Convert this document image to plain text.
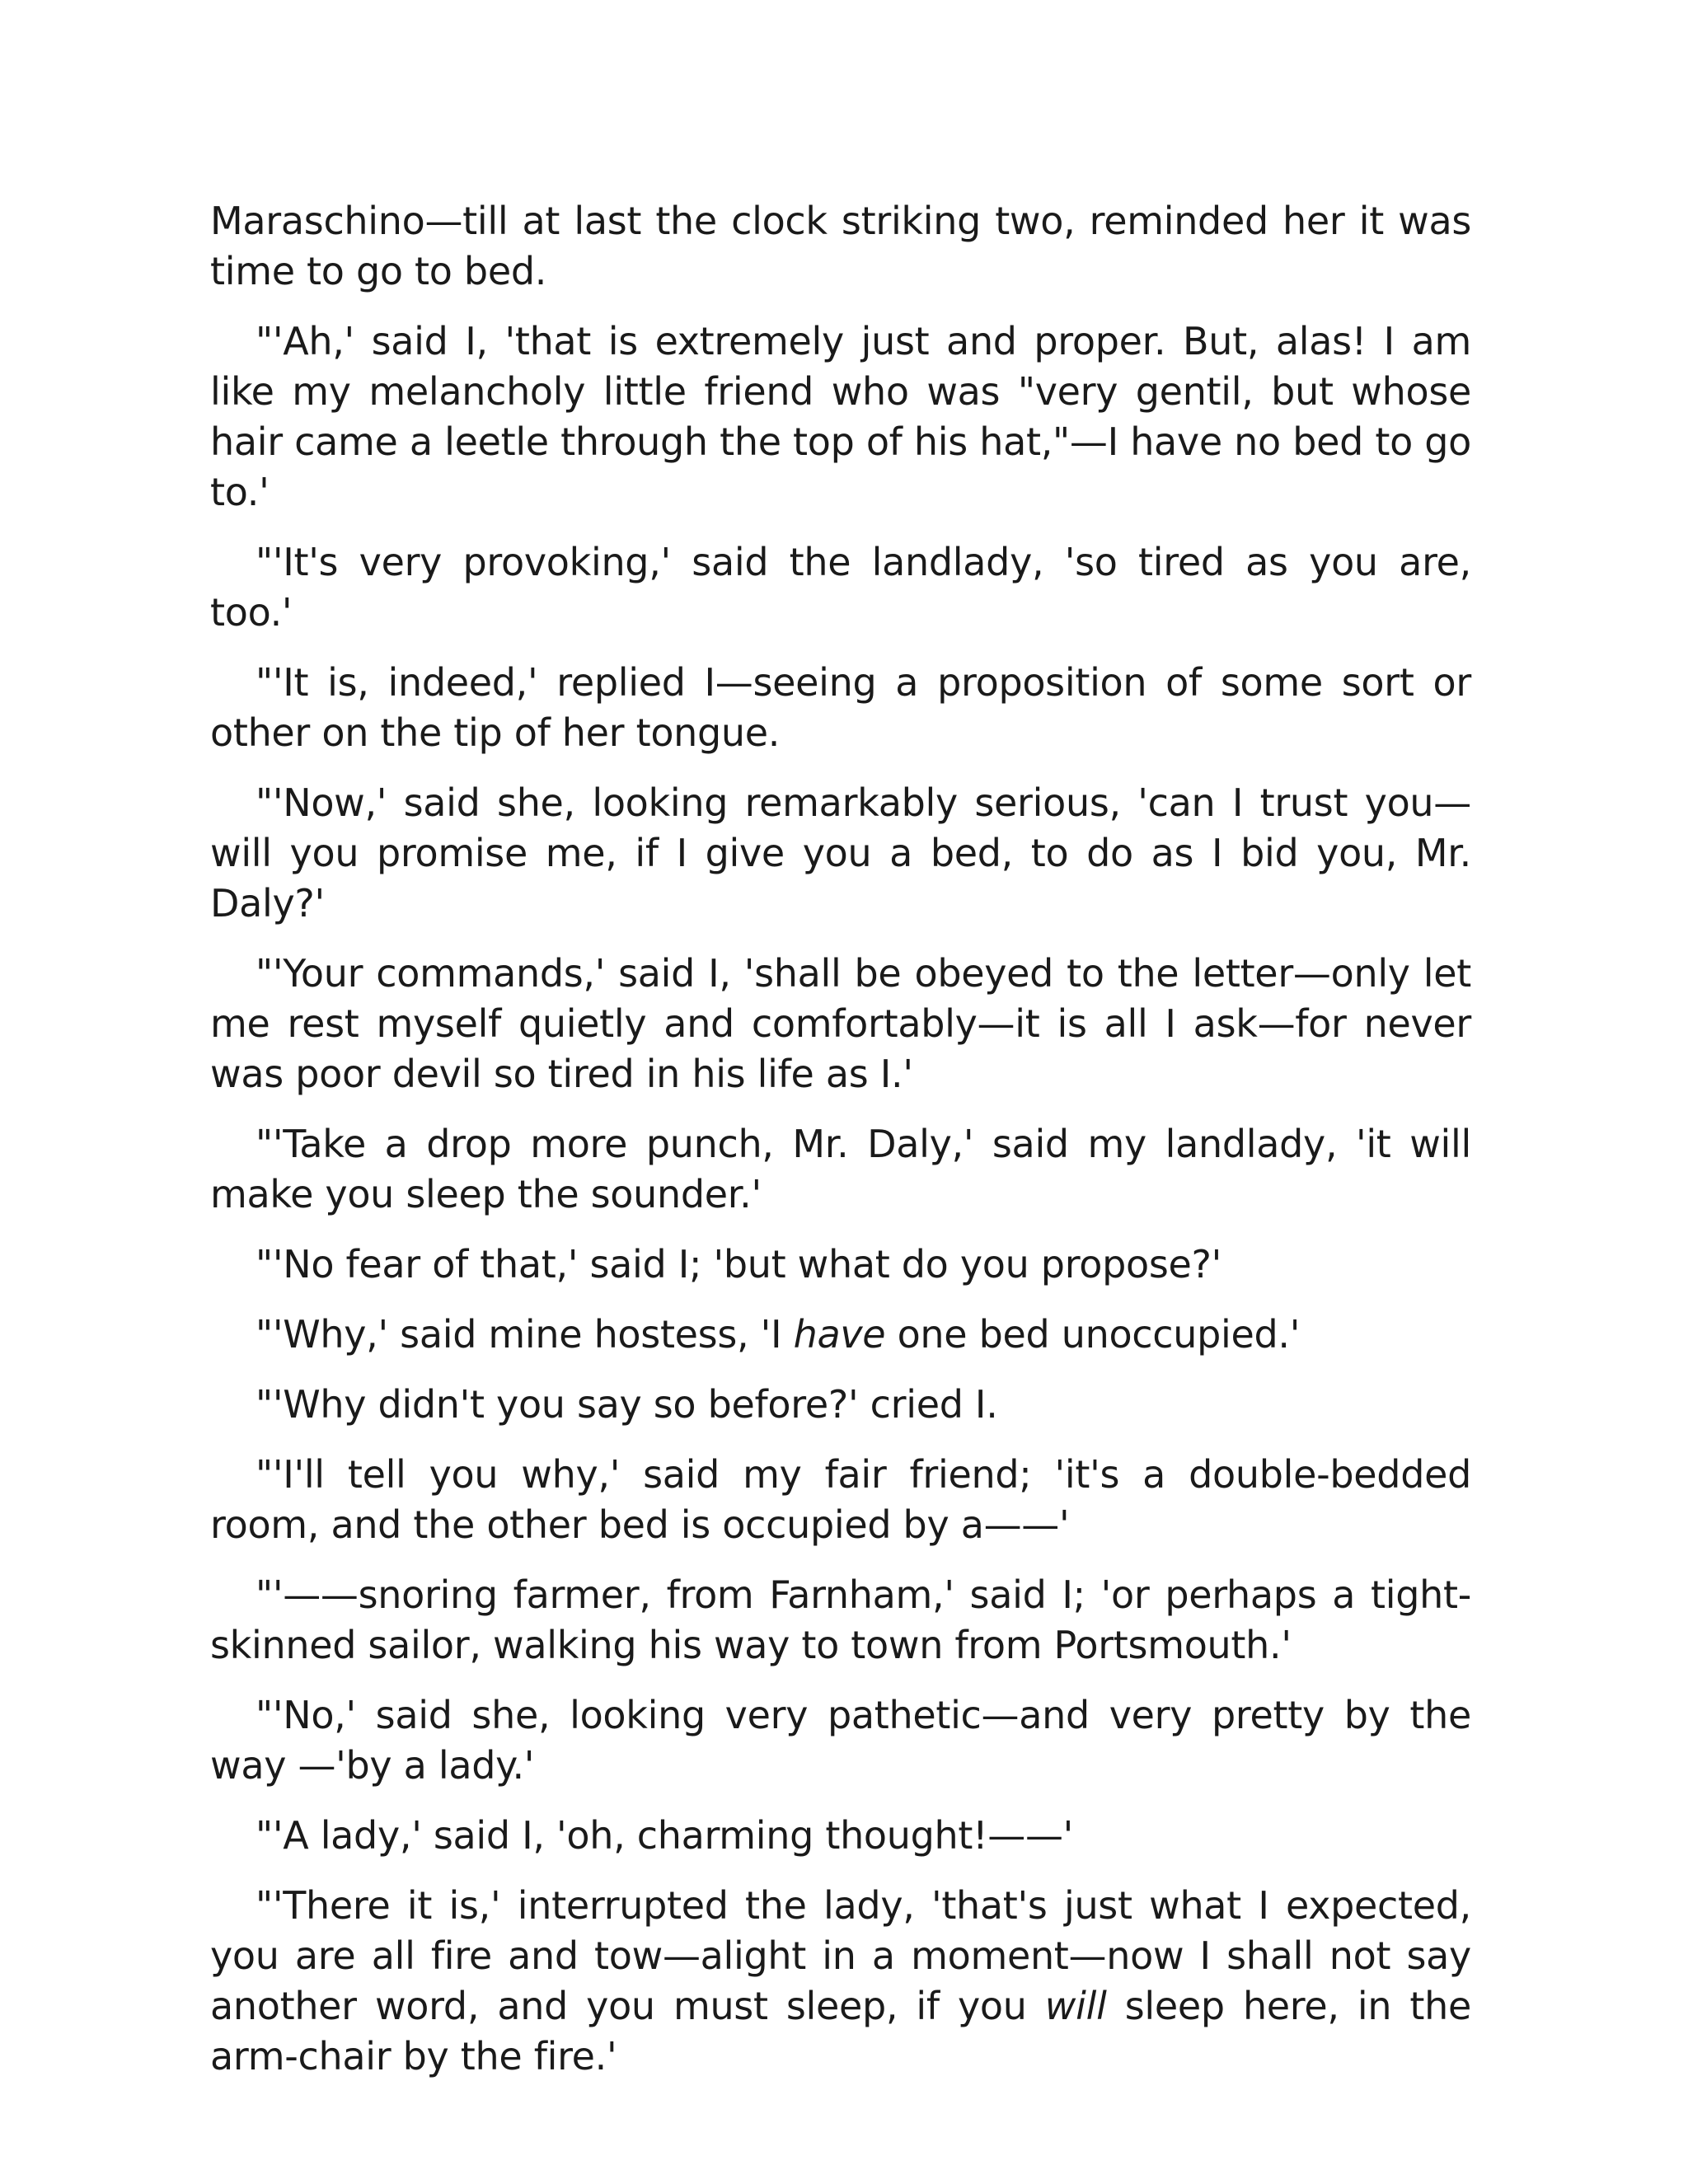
Maraschino—till at last the clock striking two, reminded her it was time to go to bed.

"'Ah,' said I, 'that is extremely just and proper. But, alas! I am like my melancholy little friend who was "very gentil, but whose hair came a leetle through the top of his hat,"—I have no bed to go to.'

"'It's very provoking,' said the landlady, 'so tired as you are, too.'

"'It is, indeed,' replied I—seeing a proposition of some sort or other on the tip of her tongue.

"'Now,' said she, looking remarkably serious, 'can I trust you—will you promise me, if I give you a bed, to do as I bid you, Mr. Daly?'

"'Your commands,' said I, 'shall be obeyed to the letter—only let me rest myself quietly and comfortably—it is all I ask—for never was poor devil so tired in his life as I.'

"'Take a drop more punch, Mr. Daly,' said my landlady, 'it will make you sleep the sounder.'

"'No fear of that,' said I; 'but what do you propose?'

"'Why,' said mine hostess, 'I have one bed unoccupied.'

"'Why didn't you say so before?' cried I.

"'I'll tell you why,' said my fair friend; 'it's a double-bedded room, and the other bed is occupied by a——'

"'——snoring farmer, from Farnham,' said I; 'or perhaps a tight-skinned sailor, walking his way to town from Portsmouth.'

"'No,' said she, looking very pathetic—and very pretty by the way —'by a lady.'

"'A lady,' said I, 'oh, charming thought!——'

"'There it is,' interrupted the lady, 'that's just what I expected, you are all fire and tow—alight in a moment—now I shall not say another word, and you must sleep, if you will sleep here, in the arm-chair by the fire.'
